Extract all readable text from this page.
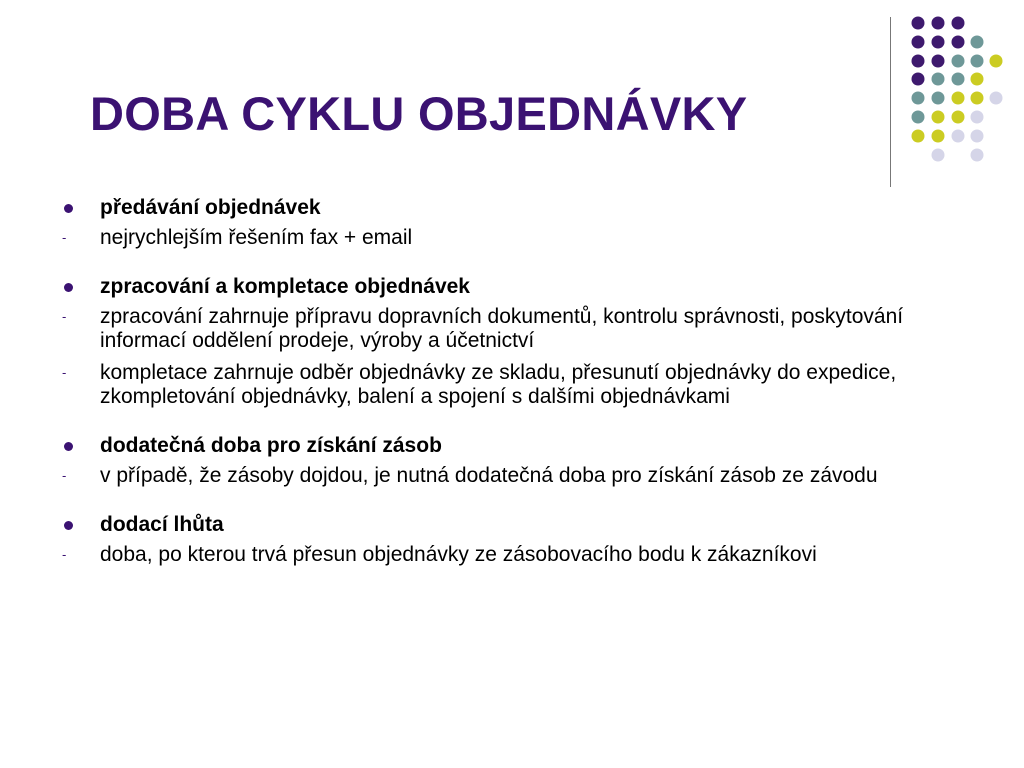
DOBA CYKLU OBJEDNÁVKY
předávání objednávek
- nejrychlejším řešením fax + email
zpracování a kompletace objednávek
- zpracování zahrnuje přípravu dopravních dokumentů, kontrolu správnosti, poskytování informací oddělení prodeje, výroby a účetnictví
- kompletace zahrnuje odběr objednávky ze skladu, přesunutí objednávky do expedice, zkompletování objednávky, balení a spojení s dalšími objednávkami
dodatečná doba pro získání zásob
- v případě, že zásoby dojdou, je nutná dodatečná doba pro získání zásob ze závodu
dodací lhůta
- doba, po kterou trvá přesun objednávky ze zásobovacího bodu k zákazníkovi
